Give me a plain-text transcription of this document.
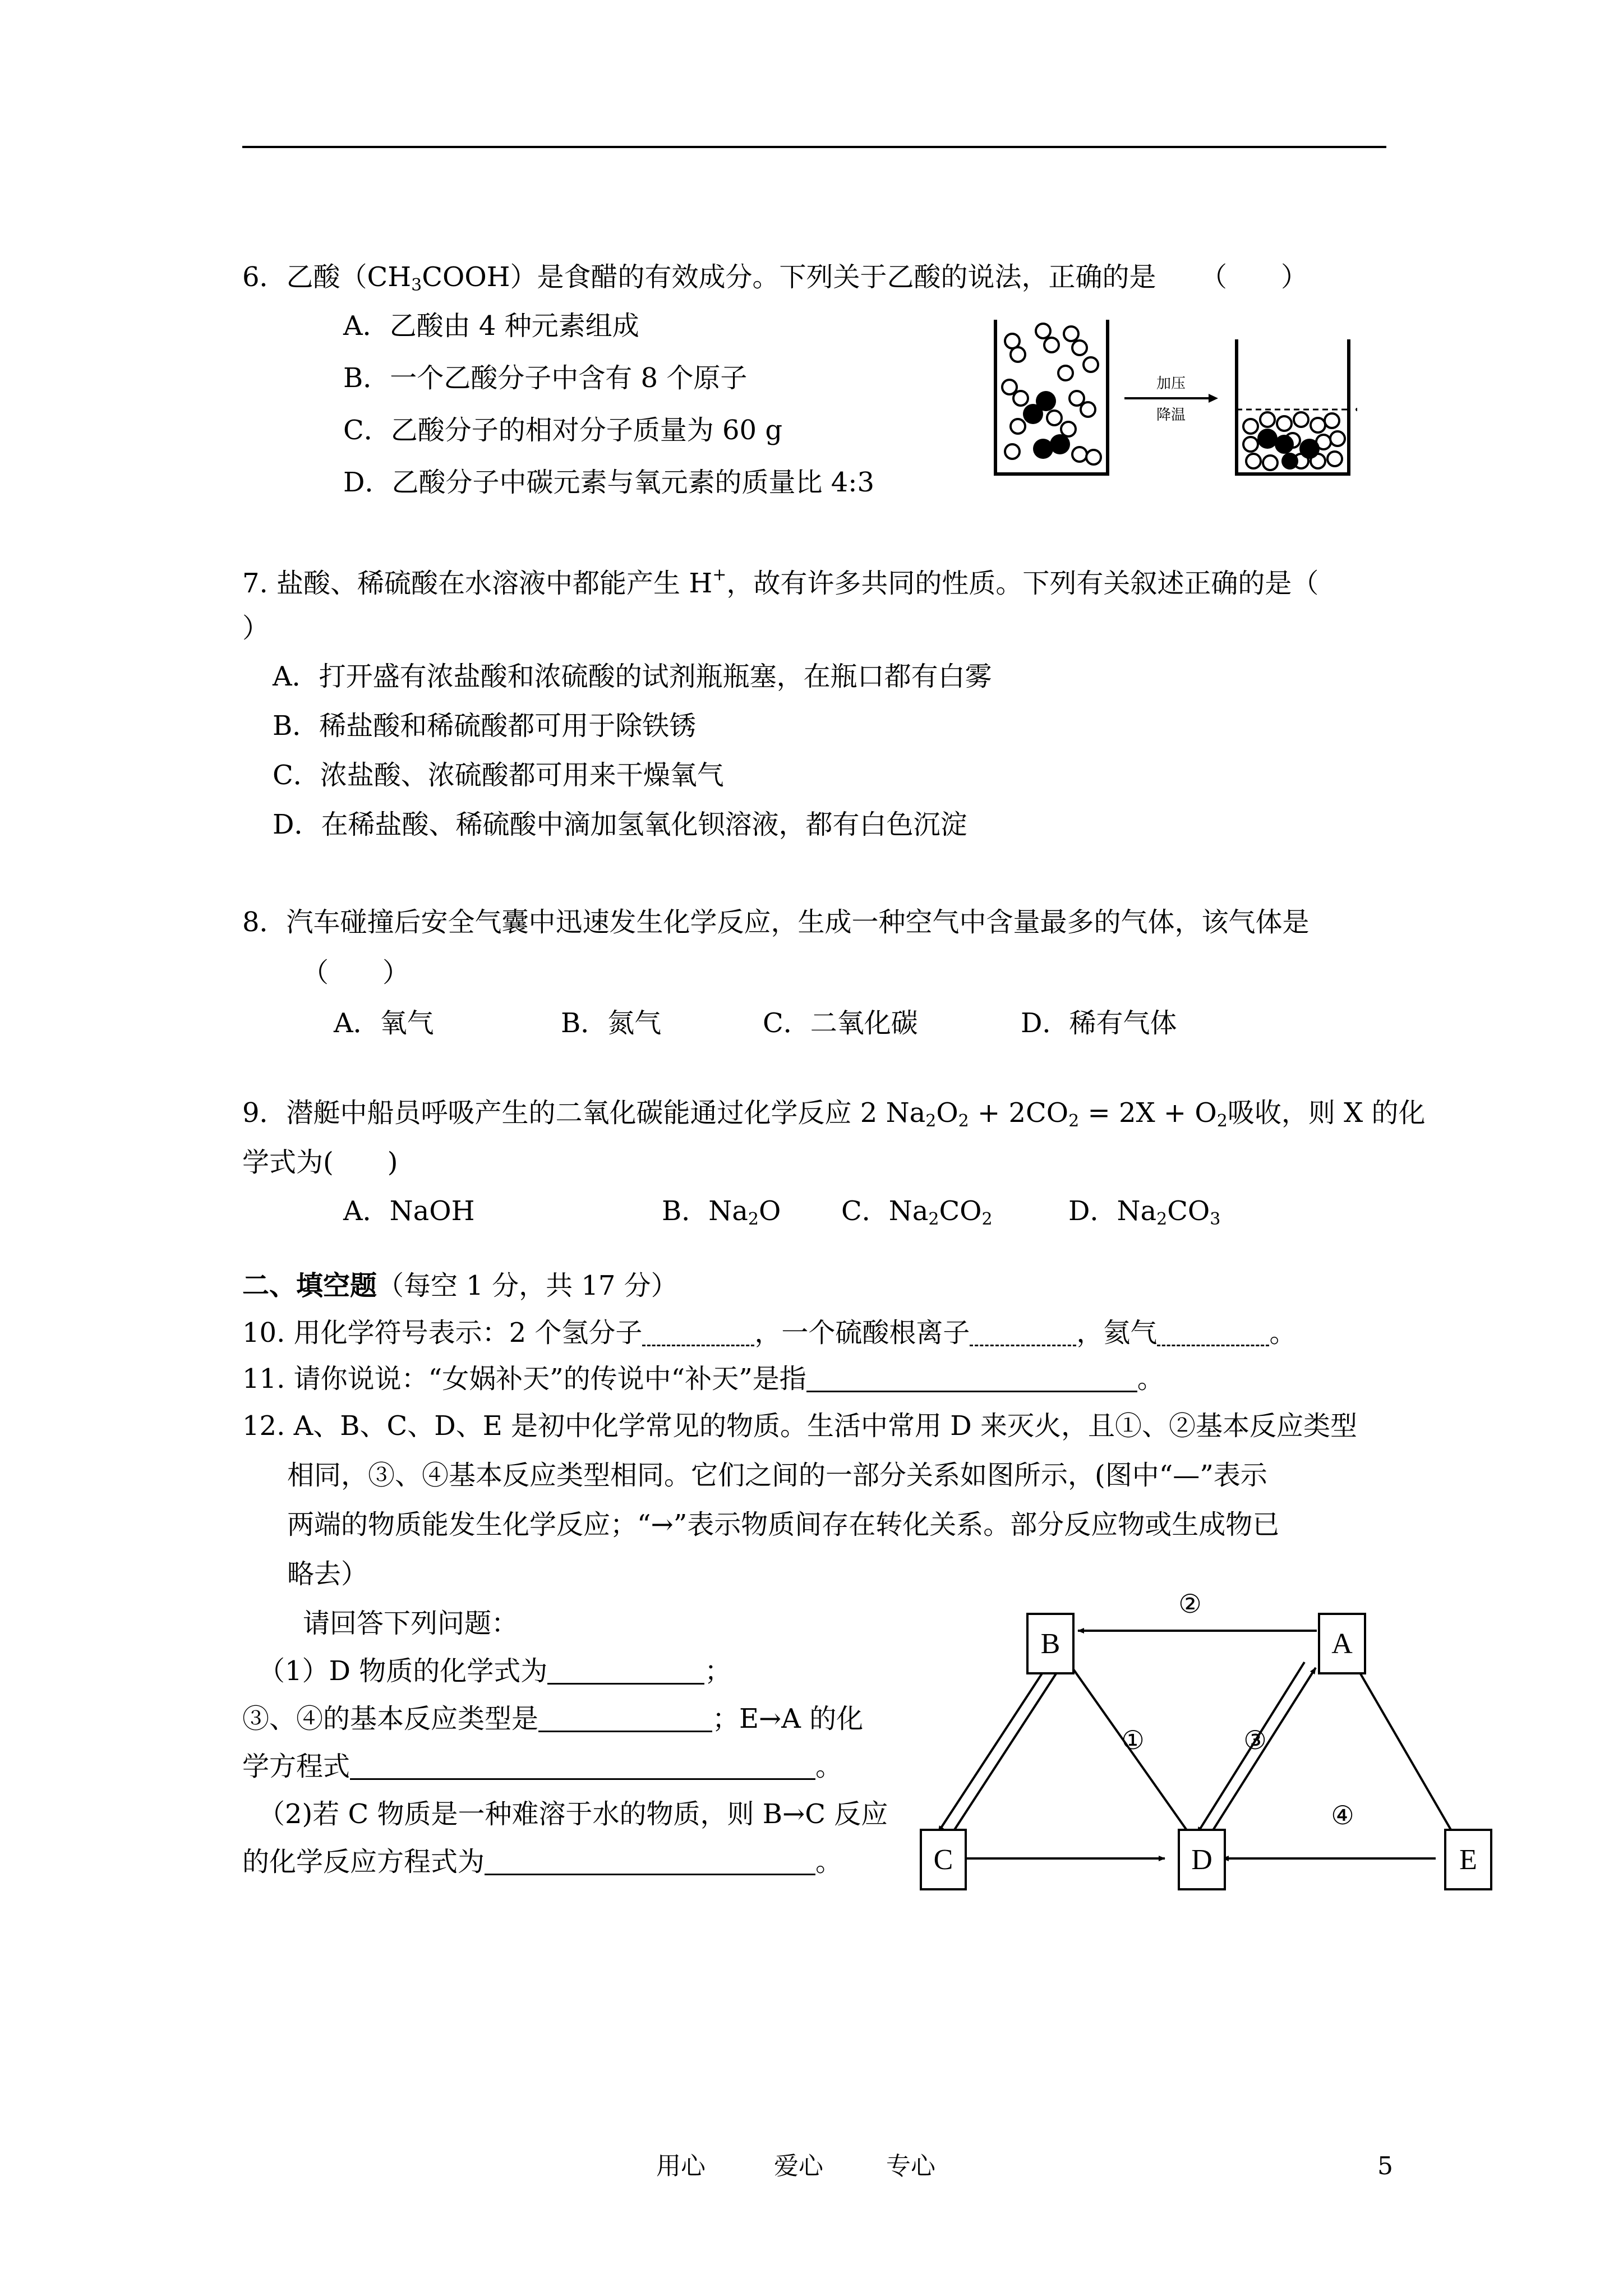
6．乙酸$(CH_3COOH)$是食醋的有效成分。下列关于乙酸的说法，正确的是 （　　）
A．乙酸由 4 种元素组成
B．一个乙酸分子中含有 8 个原子
C．乙酸分子的相对分子质量为 60 g
D．乙酸分子中碳元素与氧元素的质量比 4:3
加压
降温
7. 盐酸、稀硫酸在水溶液中都能产生 H+，故有许多共同的性质。下列有关叙述正确的是（
）
A．打开盛有浓盐酸和浓硫酸的试剂瓶瓶塞，在瓶口都有白雾
B．稀盐酸和稀硫酸都可用于除铁锈
C．浓盐酸、浓硫酸都可用来干燥氧气
D．在稀盐酸、稀硫酸中滴加氢氧化钡溶液，都有白色沉淀
8．汽车碰撞后安全气囊中迅速发生化学反应，生成一种空气中含量最多的气体，该气体是
（　　）
A．氧气	B．氮气	C．二氧化碳	D．稀有气体
9．潜艇中船员呼吸产生的二氧化碳能通过化学反应 2 $Na_2O_2 + 2CO_2 = 2X + O_2$吸收，则 X 的化
学式为(　　)
A．NaOH	B．$Na_2O$ C．$Na_2CO_2$	D．$Na_2CO_3$
二、填空题（每空 1 分，共 17 分）
10. 用化学符号表示：2 个氢分子	，一个硫酸根离子	，氦气	。
11. 请你说说：“女娲补天”的传说中“补天”是指	。
12. A、B、C、D、E 是初中化学常见的物质。生活中常用 D 来灭火，且①、②基本反应类型
相同，③、④基本反应类型相同。它们之间的一部分关系如图所示，(图中“—”表示
两端的物质能发生化学反应；“→”表示物质间存在转化关系。部分反应物或生成物已
略去）
请回答下列问题：
（1）D 物质的化学式为	；
③、④的基本反应类型是	；E→A 的化
学方程式	。
（2)若 C 物质是一种难溶于水的物质，则 B→C 反应
的化学反应方程式为	。
②
①	③
④
B	A
C	D	E
用心	爱心	专心	5
